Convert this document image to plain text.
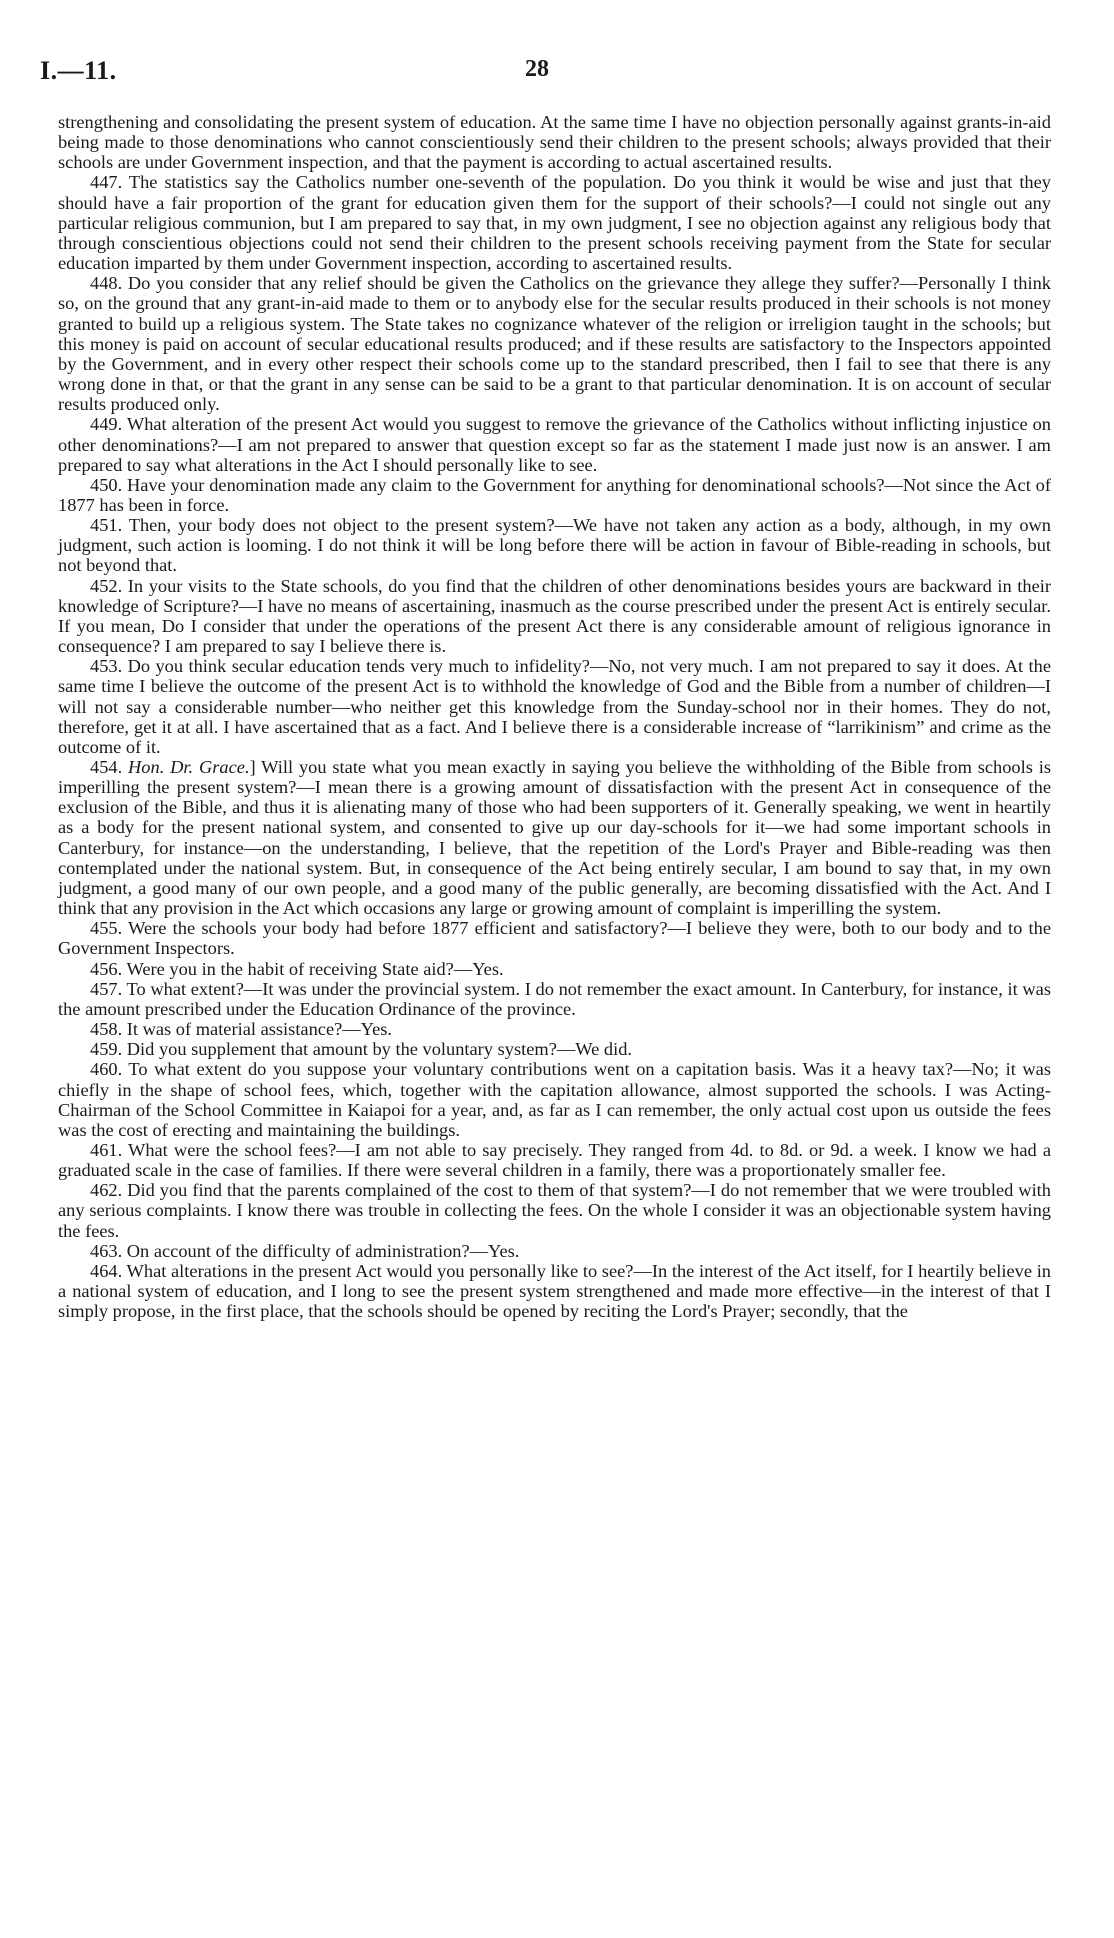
I.—11.	28

strengthening and consolidating the present system of education. At the same time I have no objection personally against grants-in-aid being made to those denominations who cannot conscientiously send their children to the present schools; always provided that their schools are under Government inspection, and that the payment is according to actual ascertained results.

447. The statistics say the Catholics number one-seventh of the population. Do you think it would be wise and just that they should have a fair proportion of the grant for education given them for the support of their schools?—I could not single out any particular religious communion, but I am prepared to say that, in my own judgment, I see no objection against any religious body that through conscientious objections could not send their children to the present schools receiving payment from the State for secular education imparted by them under Government inspection, according to ascertained results.

448. Do you consider that any relief should be given the Catholics on the grievance they allege they suffer?—Personally I think so, on the ground that any grant-in-aid made to them or to anybody else for the secular results produced in their schools is not money granted to build up a religious system. The State takes no cognizance whatever of the religion or irreligion taught in the schools; but this money is paid on account of secular educational results produced; and if these results are satisfactory to the Inspectors appointed by the Government, and in every other respect their schools come up to the standard prescribed, then I fail to see that there is any wrong done in that, or that the grant in any sense can be said to be a grant to that particular denomination. It is on account of secular results produced only.

449. What alteration of the present Act would you suggest to remove the grievance of the Catholics without inflicting injustice on other denominations?—I am not prepared to answer that question except so far as the statement I made just now is an answer. I am prepared to say what alterations in the Act I should personally like to see.

450. Have your denomination made any claim to the Government for anything for denominational schools?—Not since the Act of 1877 has been in force.

451. Then, your body does not object to the present system?—We have not taken any action as a body, although, in my own judgment, such action is looming. I do not think it will be long before there will be action in favour of Bible-reading in schools, but not beyond that.

452. In your visits to the State schools, do you find that the children of other denominations besides yours are backward in their knowledge of Scripture?—I have no means of ascertaining, inasmuch as the course prescribed under the present Act is entirely secular. If you mean, Do I consider that under the operations of the present Act there is any considerable amount of religious ignorance in consequence? I am prepared to say I believe there is.

453. Do you think secular education tends very much to infidelity?—No, not very much. I am not prepared to say it does. At the same time I believe the outcome of the present Act is to withhold the knowledge of God and the Bible from a number of children—I will not say a considerable number—who neither get this knowledge from the Sunday-school nor in their homes. They do not, therefore, get it at all. I have ascertained that as a fact. And I believe there is a considerable increase of “larrikinism” and crime as the outcome of it.

454. Hon. Dr. Grace.] Will you state what you mean exactly in saying you believe the withholding of the Bible from schools is imperilling the present system?—I mean there is a growing amount of dissatisfaction with the present Act in consequence of the exclusion of the Bible, and thus it is alienating many of those who had been supporters of it. Generally speaking, we went in heartily as a body for the present national system, and consented to give up our day-schools for it—we had some important schools in Canterbury, for instance—on the understanding, I believe, that the repetition of the Lord's Prayer and Bible-reading was then contemplated under the national system. But, in consequence of the Act being entirely secular, I am bound to say that, in my own judgment, a good many of our own people, and a good many of the public generally, are becoming dissatisfied with the Act. And I think that any provision in the Act which occasions any large or growing amount of complaint is imperilling the system.

455. Were the schools your body had before 1877 efficient and satisfactory?—I believe they were, both to our body and to the Government Inspectors.

456. Were you in the habit of receiving State aid?—Yes.

457. To what extent?—It was under the provincial system. I do not remember the exact amount. In Canterbury, for instance, it was the amount prescribed under the Education Ordinance of the province.

458. It was of material assistance?—Yes.

459. Did you supplement that amount by the voluntary system?—We did.

460. To what extent do you suppose your voluntary contributions went on a capitation basis. Was it a heavy tax?—No; it was chiefly in the shape of school fees, which, together with the capitation allowance, almost supported the schools. I was Acting-Chairman of the School Committee in Kaiapoi for a year, and, as far as I can remember, the only actual cost upon us outside the fees was the cost of erecting and maintaining the buildings.

461. What were the school fees?—I am not able to say precisely. They ranged from 4d. to 8d. or 9d. a week. I know we had a graduated scale in the case of families. If there were several children in a family, there was a proportionately smaller fee.

462. Did you find that the parents complained of the cost to them of that system?—I do not remember that we were troubled with any serious complaints. I know there was trouble in collecting the fees. On the whole I consider it was an objectionable system having the fees.

463. On account of the difficulty of administration?—Yes.

464. What alterations in the present Act would you personally like to see?—In the interest of the Act itself, for I heartily believe in a national system of education, and I long to see the present system strengthened and made more effective—in the interest of that I simply propose, in the first place, that the schools should be opened by reciting the Lord's Prayer; secondly, that the
